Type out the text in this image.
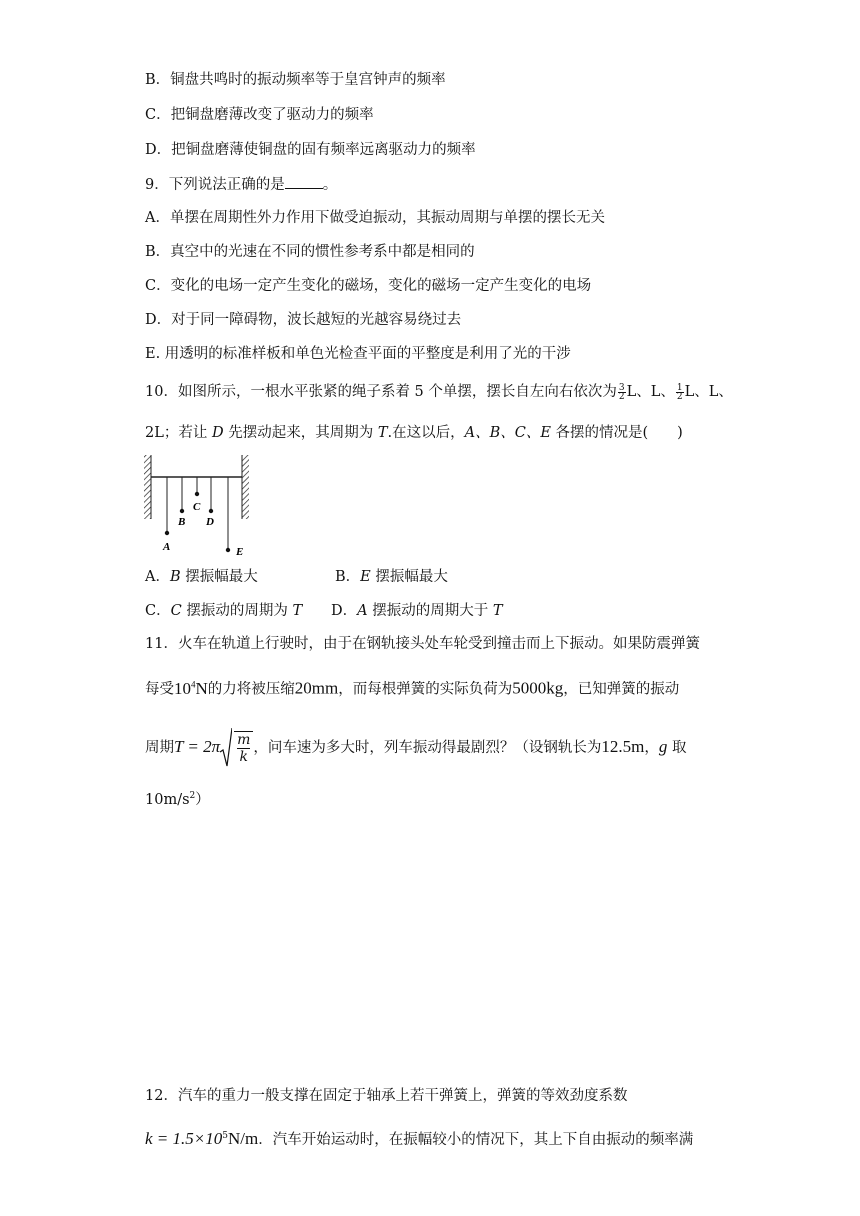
B．铜盘共鸣时的振动频率等于皇宫钟声的频率
C．把铜盘磨薄改变了驱动力的频率
D．把铜盘磨薄使铜盘的固有频率远离驱动力的频率
9．下列说法正确的是	。
A．单摆在周期性外力作用下做受迫振动，其振动周期与单摆的摆长无关
B．真空中的光速在不同的惯性参考系中都是相同的
C．变化的电场一定产生变化的磁场，变化的磁场一定产生变化的电场
D．对于同一障碍物，波长越短的光越容易绕过去
E. 用透明的标准样板和单色光检查平面的平整度是利用了光的干涉
10．如图所示，一根水平张紧的绳子系着 5 个单摆，摆长自左向右依次为 $\frac{3}{2}$ L、L、 $\frac{1}{2}$ L、L、
2L；若让 D 先摆动起来，其周期为 T.在这以后，A、B、C、E 各摆的情况是(　　)
A
B
C
D
E
A．B 摆振幅最大	B．E 摆振幅最大
C．C 摆振动的周期为 T D．A 摆振动的周期大于 T
11．火车在轨道上行驶时，由于在钢轨接头处车轮受到撞击而上下振动。如果防震弹簧
每受$10^4N$的力将被压缩20mm，而每根弹簧的实际负荷为5000kg，已知弹簧的振动
周期$T = 2\pi \frac{m}{k}$ ，问车速为多大时，列车振动得最剧烈？（设钢轨长为12.5m，g 取
$10m/s^2$）
12．汽车的重力一般支撑在固定于轴承上若干弹簧上，弹簧的等效劲度系数
$k = 1.5\times 10^5N/m$．汽车开始运动时，在振幅较小的情况下，其上下自由振动的频率满
